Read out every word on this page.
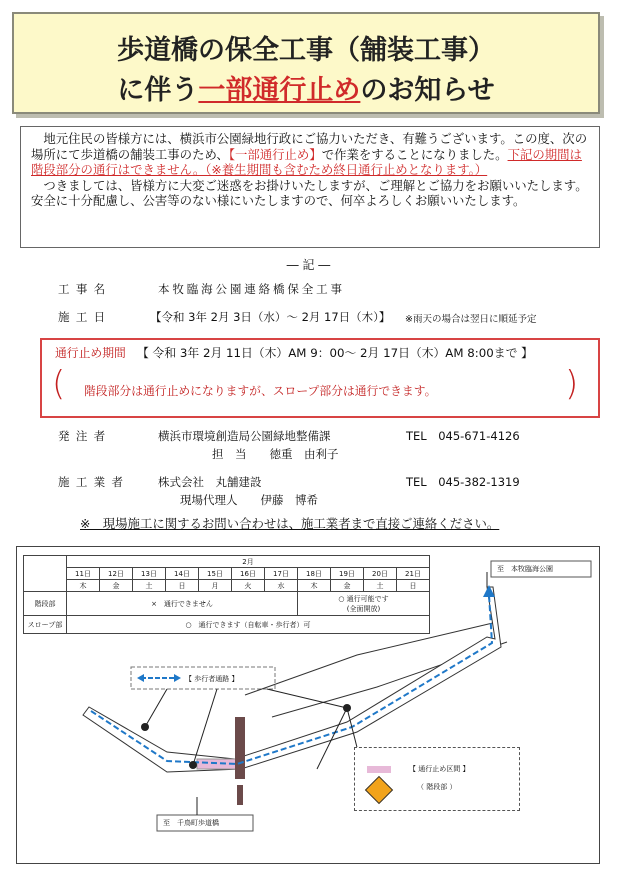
歩道橋の保全工事（舗装工事）
に伴う一部通行止めのお知らせ

地元住民の皆様方には、横浜市公園緑地行政にご協力いただき、有難うございます。この度、次の場所にて歩道橋の舗装工事のため、【一部通行止め】で作業をすることになりました。下記の期間は階段部分の通行はできません。（※養生期間も含むため終日通行止めとなります。）

つきましては、皆様方に大変ご迷惑をお掛けいたしますが、ご理解とご協力をお願いいたします。安全に十分配慮し、公害等のない様にいたしますので、何卒よろしくお願いいたします。

― 記 ―
工事名	本牧臨海公園連絡橋保全工事
施工日	【令和 3年 2月 3日（水）～ 2月 17日（木）】 ※雨天の場合は翌日に順延予定
通行止め期間 【 令和 3年 2月 11日（木）AM 9：00～ 2月 17日（木）AM 8:00まで 】
( 階段部分は通行止めになりますが、スロープ部分は通行できます。	)
発注者	横浜市環境創造局公園緑地整備課	TEL　045-671-4126
担　当　　徳重　由利子
施工業者 株式会社　丸舗建設	TEL　045-382-1319
現場代理人　　伊藤　博希
※　現場施工に関するお問い合わせは、施工業者まで直接ご連絡ください。
	2月										
	11日	12日	13日	14日	15日	16日	17日	18日	19日	20日	21日
	木	金	土	日	月	火	水	木	金	土	日
階段部	×　通行できません							○ 通行可能です
(全面開放)			
スロープ部	○　通行できます（自転車・歩行者）可										
至　本牧臨海公園
至　千鳥町歩道橋
【 歩行者通路 】
【 通行止め区間 】
（ 階段部 ）
